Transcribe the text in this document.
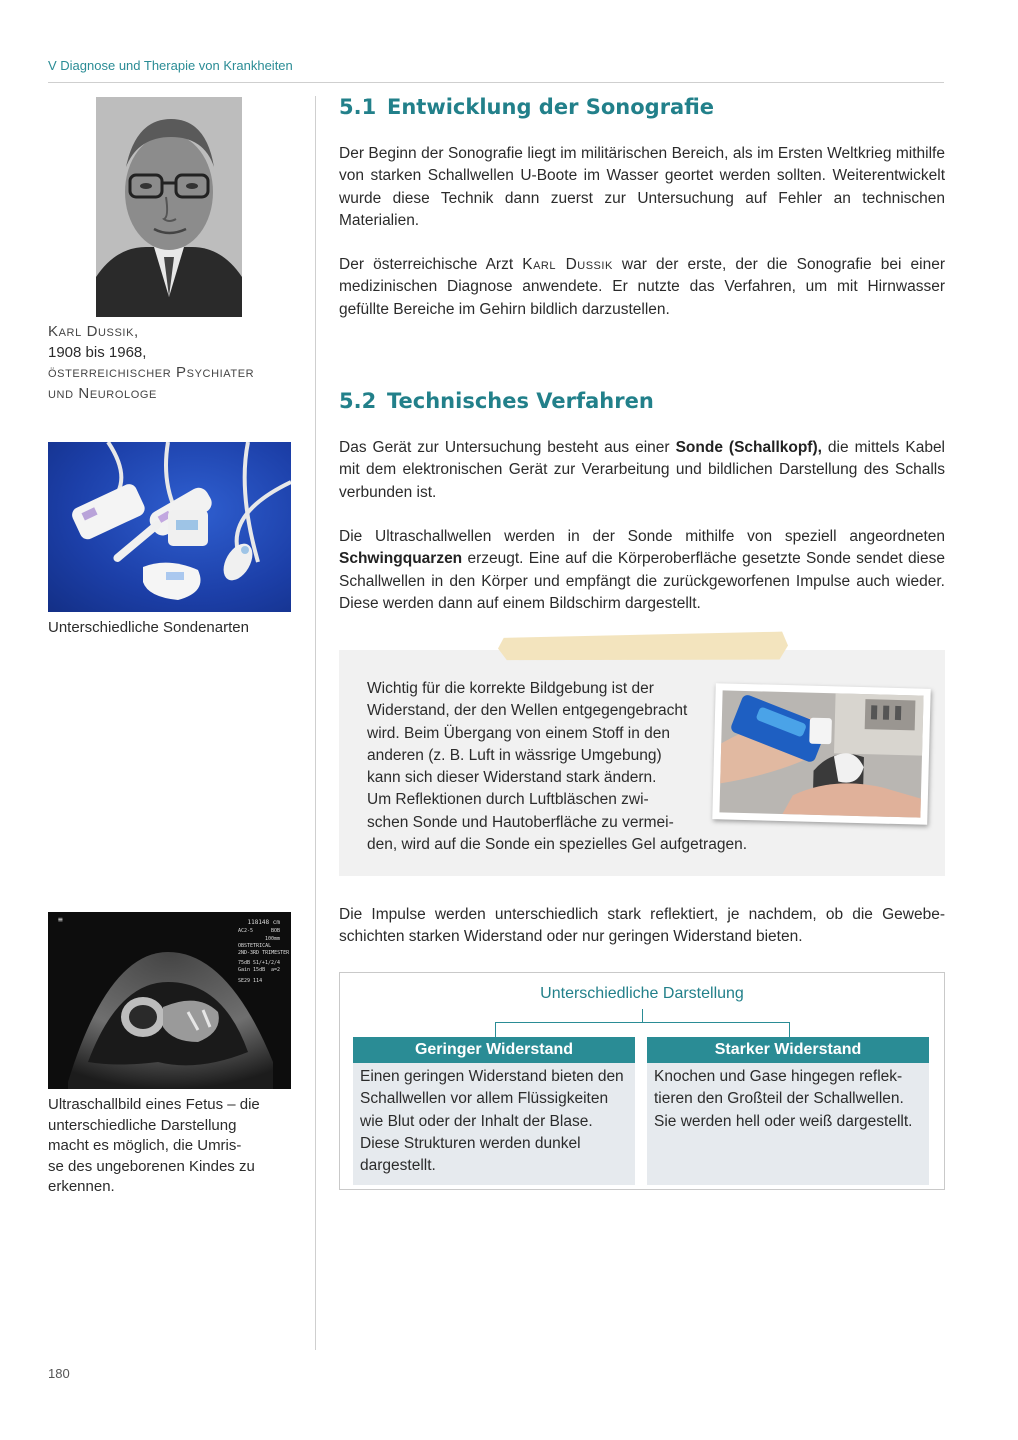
V Diagnose und Therapie von Krankheiten
Karl Dussik,
1908 bis 1968,
österreichischer Psychiater
und Neurologe
Unterschiedliche Sondenarten
≡	118148 cm
AC2-5	BOB
100mm
OBSTETRICAL
2ND-3RD TRIMESTER
75dB S1/+1/2/4
Gain 15dB a=2
SE29 114
Ultraschallbild eines Fetus – die
unterschiedliche Darstellung
macht es möglich, die Umris-
se des ungeborenen Kindes zu
erkennen.
5.1 Entwicklung der Sonografie

Der Beginn der Sonografie liegt im militärischen Bereich, als im Ersten Weltkrieg mithilfe von starken Schallwellen U-Boote im Wasser geortet werden sollten. Weiterentwickelt wurde diese Technik dann zuerst zur Untersuchung auf Fehler an technischen Materialien.

Der österreichische Arzt Karl Dussik war der erste, der die Sonografie bei einer medizinischen Diagnose anwendete. Er nutzte das Verfahren, um mit Hirnwasser gefüllte Bereiche im Gehirn bildlich darzustellen.

5.2 Technisches Verfahren

Das Gerät zur Untersuchung besteht aus einer Sonde (Schallkopf), die mittels Kabel mit dem elektronischen Gerät zur Verarbeitung und bildlichen Darstellung des Schalls verbunden ist.

Die Ultraschallwellen werden in der Sonde mithilfe von speziell angeordneten Schwingquarzen erzeugt. Eine auf die Körperoberfläche gesetzte Sonde sendet diese Schallwellen in den Körper und empfängt die zurückgeworfenen Impulse auch wieder. Diese werden dann auf einem Bildschirm dargestellt.

Wichtig für die korrekte Bildgebung ist der
Widerstand, der den Wellen entgegengebracht
wird. Beim Übergang von einem Stoff in den
anderen (z. B. Luft in wässrige Umgebung)
kann sich dieser Widerstand stark ändern.
Um Reflektionen durch Luftbläschen zwi-
schen Sonde und Hautoberfläche zu vermei-
den, wird auf die Sonde ein spezielles Gel aufgetragen.

Die Impulse werden unterschiedlich stark reflektiert, je nachdem, ob die Gewebeschichten starken Widerstand oder nur geringen Widerstand bieten.

Unterschiedliche Darstellung
Geringer Widerstand

Einen geringen Widerstand bieten den Schallwellen vor allem Flüssigkeiten wie Blut oder der Inhalt der Blase. Diese Strukturen werden dunkel dargestellt.

Starker Widerstand

Knochen und Gase hingegen reflektieren den Großteil der Schallwellen. Sie werden hell oder weiß dargestellt.

180
